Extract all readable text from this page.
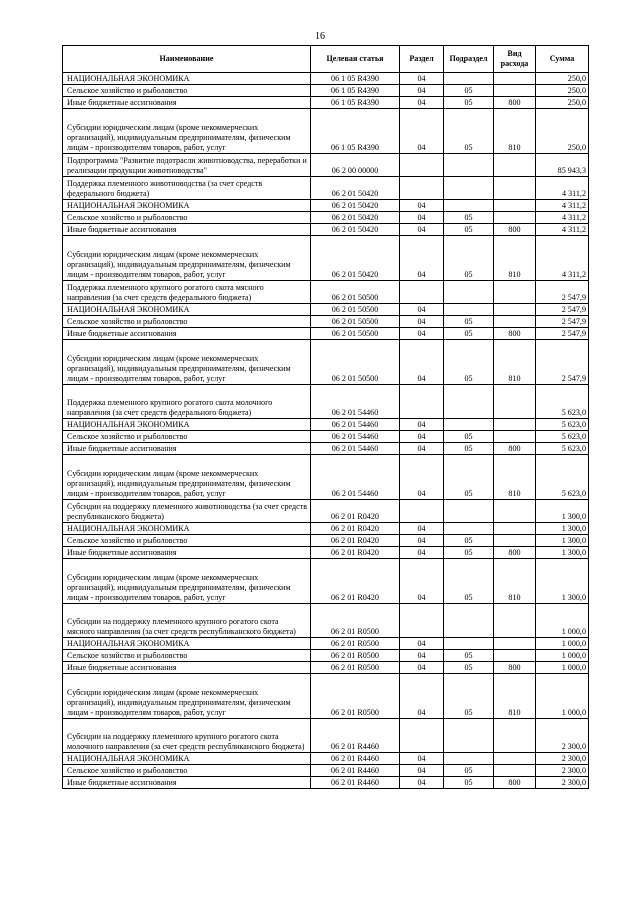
16
Наименование	Целевая статья	Раздел	Подраздел	Вид расхода	Сумма
НАЦИОНАЛЬНАЯ ЭКОНОМИКА	06 1 05 R4390	04			250,0
Сельское хозяйство и рыболовство	06 1 05 R4390	04	05		250,0
Иные бюджетные ассигнования	06 1 05 R4390	04	05	800	250,0
Субсидии юридическим лицам (кроме некоммерческих организаций), индивидуальным предпринимателям, физическим лицам - производителям товаров, работ, услуг	06 1 05 R4390	04	05	810	250,0
Подпрограмма "Развитие подотрасли животноводства, переработки и реализации продукции животноводства"	06 2 00 00000				85 943,3
Поддержка племенного животноводства (за счет средств федерального бюджета)	06 2 01 50420				4 311,2
НАЦИОНАЛЬНАЯ ЭКОНОМИКА	06 2 01 50420	04			4 311,2
Сельское хозяйство и рыболовство	06 2 01 50420	04	05		4 311,2
Иные бюджетные ассигнования	06 2 01 50420	04	05	800	4 311,2
Субсидии юридическим лицам (кроме некоммерческих организаций), индивидуальным предпринимателям, физическим лицам - производителям товаров, работ, услуг	06 2 01 50420	04	05	810	4 311,2
Поддержка племенного крупного рогатого скота мясного направления (за счет средств федерального бюджета)	06 2 01 50500				2 547,9
НАЦИОНАЛЬНАЯ ЭКОНОМИКА	06 2 01 50500	04			2 547,9
Сельское хозяйство и рыболовство	06 2 01 50500	04	05		2 547,9
Иные бюджетные ассигнования	06 2 01 50500	04	05	800	2 547,9
Субсидии юридическим лицам (кроме некоммерческих организаций), индивидуальным предпринимателям, физическим лицам - производителям товаров, работ, услуг	06 2 01 50500	04	05	810	2 547,9
Поддержка племенного крупного рогатого скота молочного направления (за счет средств федерального бюджета)	06 2 01 54460				5 623,0
НАЦИОНАЛЬНАЯ ЭКОНОМИКА	06 2 01 54460	04			5 623,0
Сельское хозяйство и рыболовство	06 2 01 54460	04	05		5 623,0
Иные бюджетные ассигнования	06 2 01 54460	04	05	800	5 623,0
Субсидии юридическим лицам (кроме некоммерческих организаций), индивидуальным предпринимателям, физическим лицам - производителям товаров, работ, услуг	06 2 01 54460	04	05	810	5 623,0
Субсидии на поддержку племенного животноводства (за счет средств республиканского бюджета)	06 2 01 R0420				1 300,0
НАЦИОНАЛЬНАЯ ЭКОНОМИКА	06 2 01 R0420	04			1 300,0
Сельское хозяйство и рыболовство	06 2 01 R0420	04	05		1 300,0
Иные бюджетные ассигнования	06 2 01 R0420	04	05	800	1 300,0
Субсидии юридическим лицам (кроме некоммерческих организаций), индивидуальным предпринимателям, физическим лицам - производителям товаров, работ, услуг	06 2 01 R0420	04	05	810	1 300,0
Субсидии на поддержку племенного крупного рогатого скота мясного направления (за счет средств республиканского бюджета)	06 2 01 R0500				1 000,0
НАЦИОНАЛЬНАЯ ЭКОНОМИКА	06 2 01 R0500	04			1 000,0
Сельское хозяйство и рыболовство	06 2 01 R0500	04	05		1 000,0
Иные бюджетные ассигнования	06 2 01 R0500	04	05	800	1 000,0
Субсидии юридическим лицам (кроме некоммерческих организаций), индивидуальным предпринимателям, физическим лицам - производителям товаров, работ, услуг	06 2 01 R0500	04	05	810	1 000,0
Субсидии на поддержку племенного крупного рогатого скота молочного направления (за счет средств республиканского бюджета)	06 2 01 R4460				2 300,0
НАЦИОНАЛЬНАЯ ЭКОНОМИКА	06 2 01 R4460	04			2 300,0
Сельское хозяйство и рыболовство	06 2 01 R4460	04	05		2 300,0
Иные бюджетные ассигнования	06 2 01 R4460	04	05	800	2 300,0
